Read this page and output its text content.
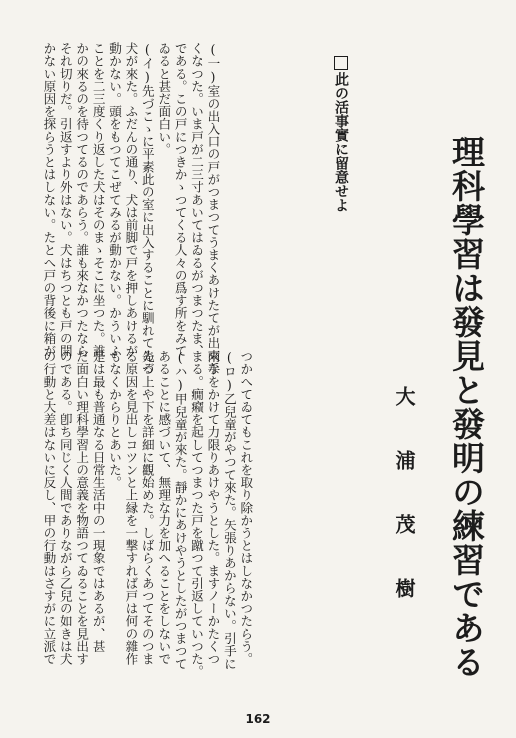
理科學習は發見と發明の練習である
大　浦　茂　樹
此の活事實に留意せよ
(一)室の出入口の戸がつまつてうまくあけたてが出來な
くなつた。いま戸が二三寸あいてはゐるがつまつたま、
である。この戸につきかゝつてくる人々の爲す所をみて
ゐると甚だ面白い。
(イ)先づこゝに平素此の室に出入することに馴れてゐる
犬が來た。ふだんの通り、犬は前脚で戸を押しあけるが
動かない。頭をもつてこぜてみるが動かない。かういふ
ことを二三度くり返した犬はそのまゝそこに坐つた。誰
かの來るのを待つてるのであらう。誰も來なかつたなら
それ切りだ。引返すより外はない。犬はちつとも戸の開
かない原因を探らうとはしない。たとへ戸の背後に箱が
つかへてゐてもこれを取り除かうとはしなかつたらう。
(ロ)乙兒童がやつて來た。矢張りあからない。引手に
兩手をかけて力限りあけやうとした。ますノーかたくつ
まる。癇癪を起してつまつた戸を蹴つて引返していつた。
(ハ)甲兒童が來た。靜かにあけやうとしたがつまつて
あることに感づいて、無理な力を加へることをしないで
先づ上や下を詳細に觀始めた。しばらくあつてそのつま
る原因を見出しコツンと上縁を一撃すれば戸は何の雜作
もなくからりとあいた。
是は最も普通なる日常生活中の一現象ではあるが、甚
だ面白い理科學習上の意義を物語つてゐることを見出す
のである。卽ち同じく人間でありながら乙兒の如きは犬
の行動と大差はないに反し、甲の行動はさすがに立派で
162
